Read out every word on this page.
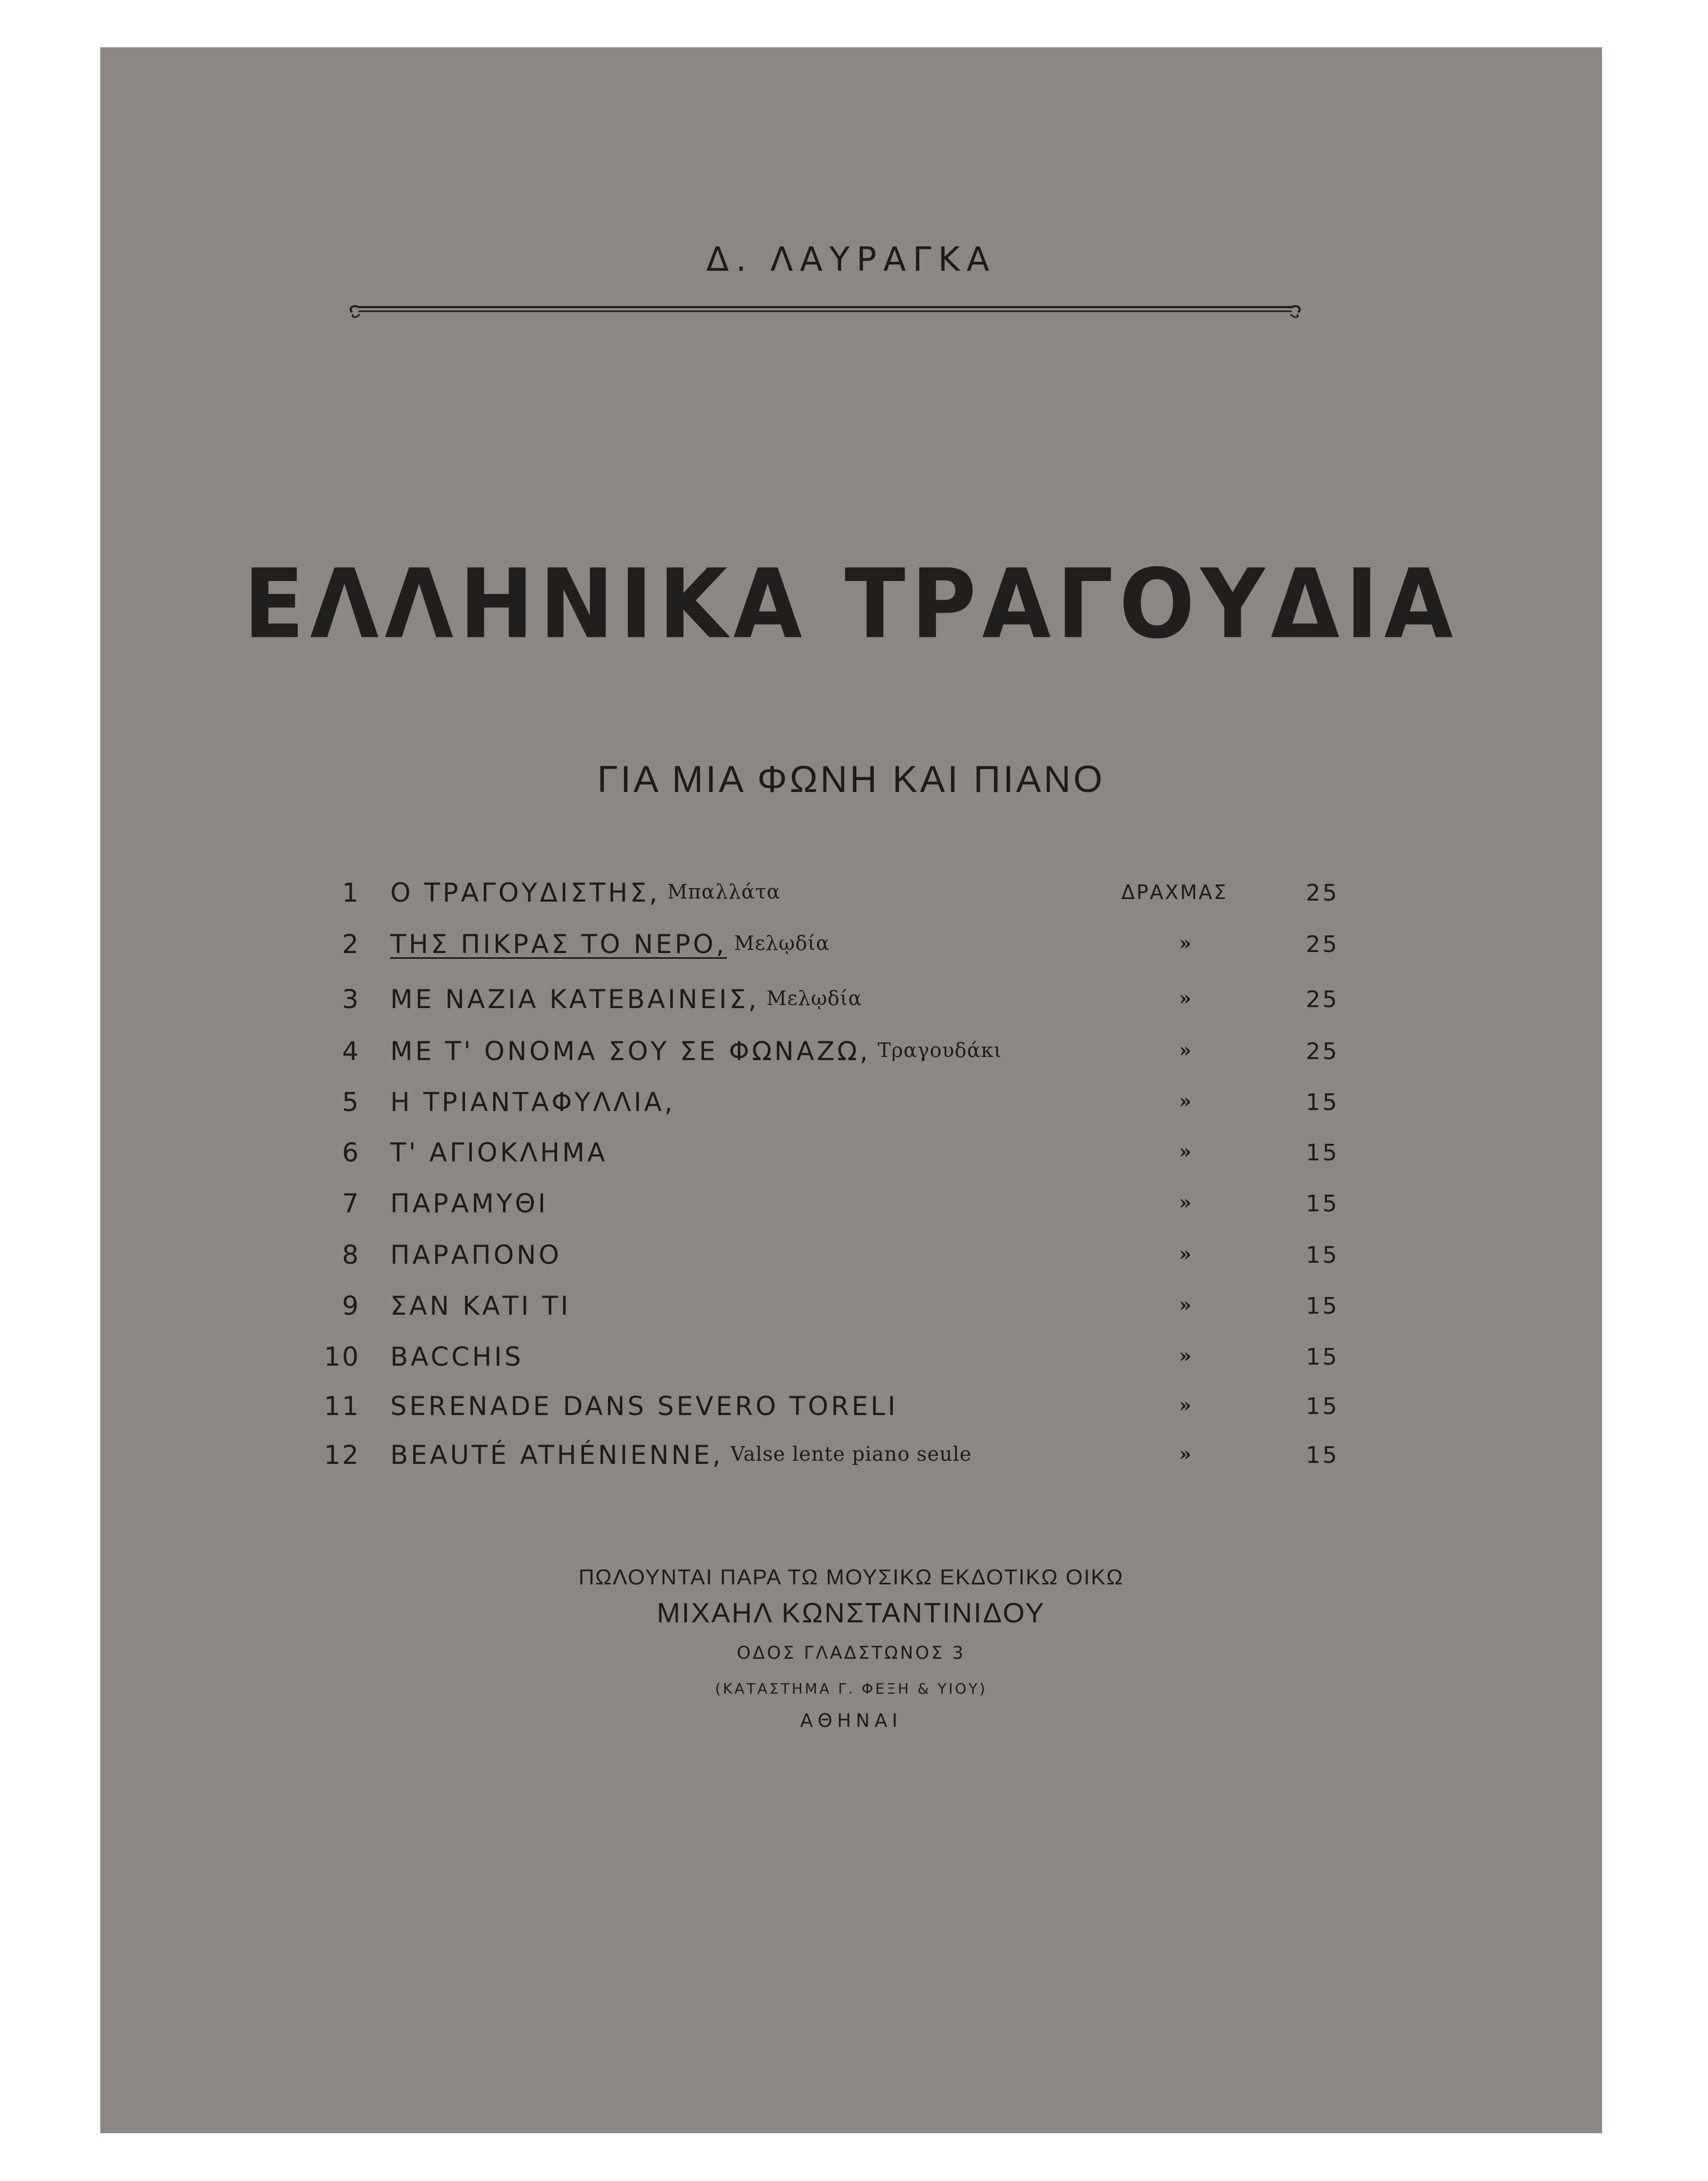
Δ. ΛΑΥΡΑΓΚΑ
ΕΛΛΗΝΙΚΑ ΤΡΑΓΟΥΔΙΑ
ΓΙΑ ΜΙΑ ΦΩΝΗ ΚΑΙ ΠΙΑΝΟ
1 Ο ΤΡΑΓΟΥΔΙΣΤΗΣ, Μπαλλάτα	ΔΡΑΧΜΑΣ	25
2 ΤΗΣ ΠΙΚΡΑΣ ΤΟ ΝΕΡΟ, Μελῳδία	»	25
3 ΜΕ ΝΑΖΙΑ ΚΑΤΕΒΑΙΝΕΙΣ, Μελῳδία	»	25
4 ΜΕ Τ' ΟΝΟΜΑ ΣΟΥ ΣΕ ΦΩΝΑΖΩ, Τραγουδάκι	»	25
5 Η ΤΡΙΑΝΤΑΦΥΛΛΙΑ,	»	15
6 Τ' ΑΓΙΟΚΛΗΜΑ	»	15
7 ΠΑΡΑΜΥΘΙ	»	15
8 ΠΑΡΑΠΟΝΟ	»	15
9 ΣΑΝ ΚΑΤΙ ΤΙ	»	15
10 BACCHIS	»	15
11 SERENADE DANS SEVERO TORELI	»	15
12 BEAUTÉ ATHÉNIENNE, Valse lente piano seule	»	15
ΠΩΛΟΥΝΤΑΙ ΠΑΡΑ ΤΩ ΜΟΥΣΙΚΩ ΕΚΔΟΤΙΚΩ ΟΙΚΩ
ΜΙΧΑΗΛ ΚΩΝΣΤΑΝΤΙΝΙΔΟΥ
ΟΔΟΣ ΓΛΑΔΣΤΩΝΟΣ 3
(ΚΑΤΑΣΤΗΜΑ Γ. ΦΕΞΗ & ΥΙΟΥ)
ΑΘΗΝΑΙ
